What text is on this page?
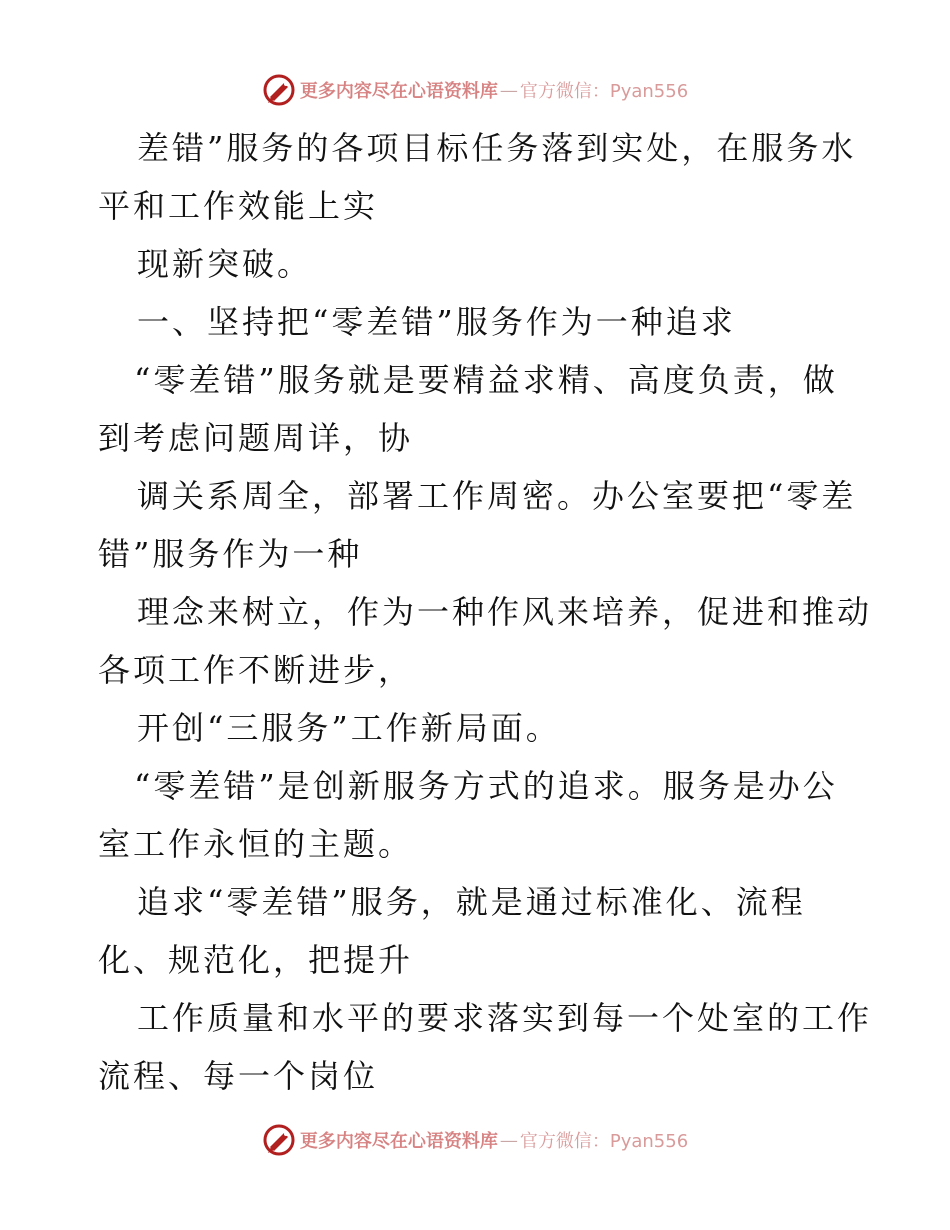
更多内容尽在心语资料库 — 官方微信：Pyan556
差错”服务的各项目标任务落到实处，在服务水
平和工作效能上实
现新突破。
一、坚持把“零差错”服务作为一种追求
“零差错”服务就是要精益求精、高度负责，做
到考虑问题周详，协
调关系周全，部署工作周密。办公室要把“零差
错”服务作为一种
理念来树立，作为一种作风来培养，促进和推动
各项工作不断进步，
开创“三服务”工作新局面。
“零差错”是创新服务方式的追求。服务是办公
室工作永恒的主题。
追求“零差错”服务，就是通过标准化、流程
化、规范化，把提升
工作质量和水平的要求落实到每一个处室的工作
流程、每一个岗位
更多内容尽在心语资料库 — 官方微信：Pyan556
